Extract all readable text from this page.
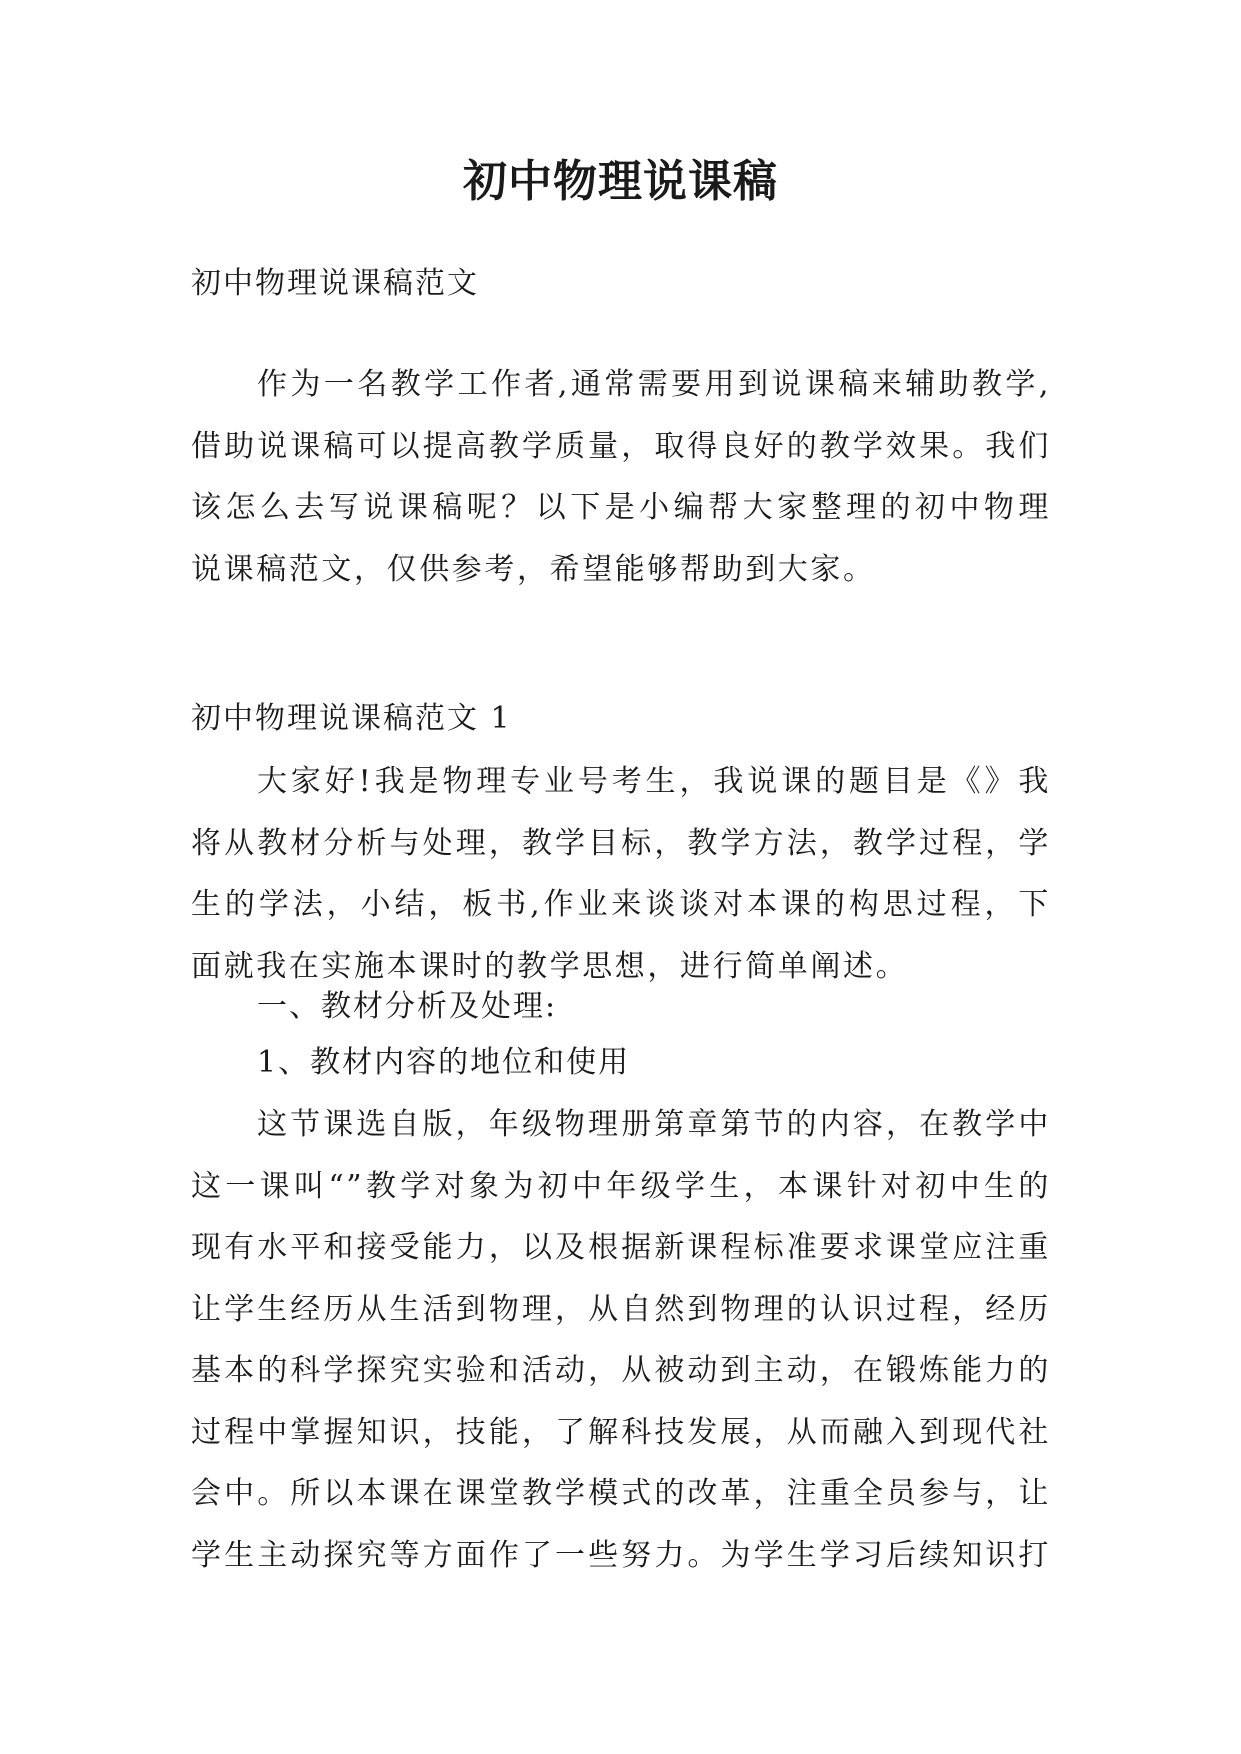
初中物理说课稿

初中物理说课稿范文

作为一名教学工作者,通常需要用到说课稿来辅助教学,
借助说课稿可以提高教学质量，取得良好的教学效果。我们
该怎么去写说课稿呢？以下是小编帮大家整理的初中物理
说课稿范文，仅供参考，希望能够帮助到大家。

初中物理说课稿范文 1

大家好!我是物理专业号考生，我说课的题目是《》我
将从教材分析与处理，教学目标，教学方法，教学过程，学
生的学法，小结，板书,作业来谈谈对本课的构思过程，下
面就我在实施本课时的教学思想，进行简单阐述。

一、教材分析及处理:

1、教材内容的地位和使用

这节课选自版，年级物理册第章第节的内容，在教学中
这一课叫“”教学对象为初中年级学生，本课针对初中生的
现有水平和接受能力，以及根据新课程标准要求课堂应注重
让学生经历从生活到物理，从自然到物理的认识过程，经历
基本的科学探究实验和活动，从被动到主动，在锻炼能力的
过程中掌握知识，技能，了解科技发展，从而融入到现代社
会中。所以本课在课堂教学模式的改革，注重全员参与，让
学生主动探究等方面作了一些努力。为学生学习后续知识打
